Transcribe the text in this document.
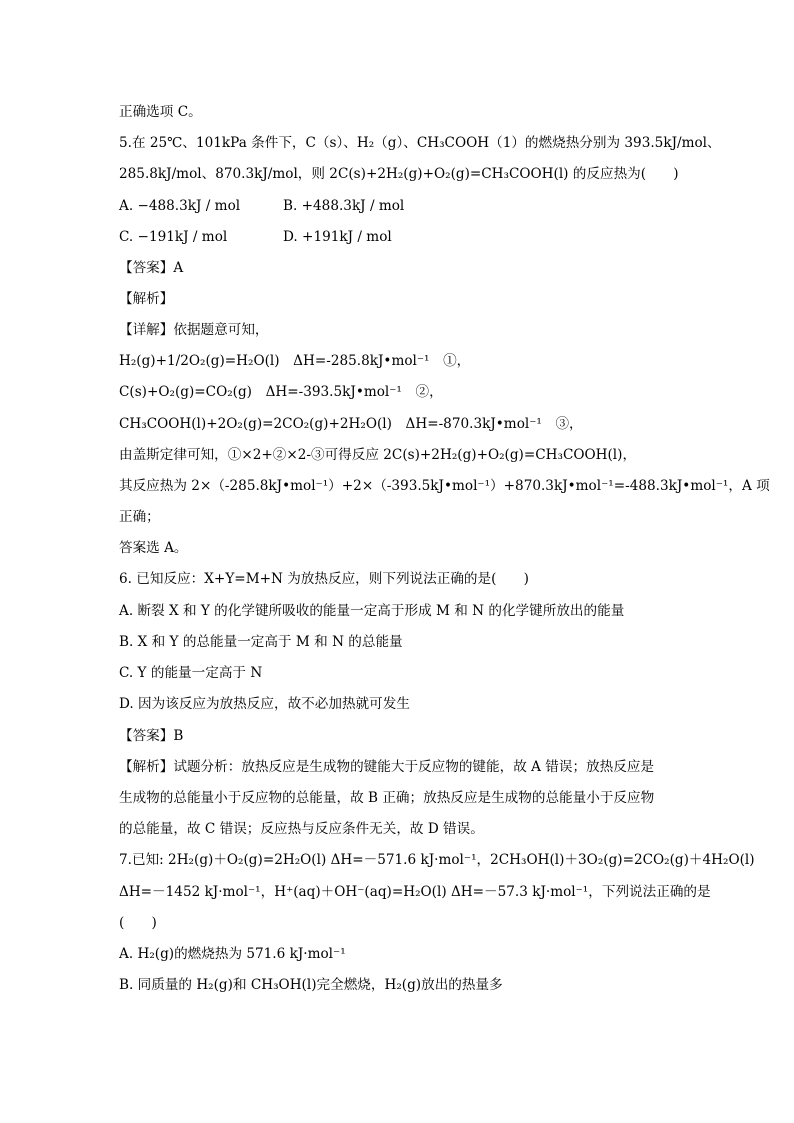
正确选项 C。
5.在 25℃、101kPa 条件下，C（s）、H₂（g）、CH₃COOH（1）的燃烧热分别为 393.5kJ/mol、
285.8kJ/mol、870.3kJ/mol，则 2C(s)+2H₂(g)+O₂(g)=CH₃COOH(l) 的反应热为(　　)
A. −488.3kJ / mol	B. +488.3kJ / mol
C. −191kJ / mol	D. +191kJ / mol
【答案】A
【解析】
【详解】依据题意可知，
H₂(g)+1/2O₂(g)=H₂O(l)　ΔH=-285.8kJ•mol⁻¹　①，
C(s)+O₂(g)=CO₂(g)　ΔH=-393.5kJ•mol⁻¹　②，
CH₃COOH(l)+2O₂(g)=2CO₂(g)+2H₂O(l)　ΔH=-870.3kJ•mol⁻¹　③，
由盖斯定律可知，①×2+②×2-③可得反应 2C(s)+2H₂(g)+O₂(g)=CH₃COOH(l)，
其反应热为 2×（-285.8kJ•mol⁻¹）+2×（-393.5kJ•mol⁻¹）+870.3kJ•mol⁻¹=-488.3kJ•mol⁻¹，A 项
正确；
答案选 A。
6. 已知反应：X+Y=M+N 为放热反应，则下列说法正确的是(　　)
A. 断裂 X 和 Y 的化学键所吸收的能量一定高于形成 M 和 N 的化学键所放出的能量
B. X 和 Y 的总能量一定高于 M 和 N 的总能量
C. Y 的能量一定高于 N
D. 因为该反应为放热反应，故不必加热就可发生
【答案】B
【解析】试题分析：放热反应是生成物的键能大于反应物的键能，故 A 错误；放热反应是
生成物的总能量小于反应物的总能量，故 B 正确；放热反应是生成物的总能量小于反应物
的总能量，故 C 错误；反应热与反应条件无关，故 D 错误。
7.已知: 2H₂(g)＋O₂(g)=2H₂O(l) ΔH=－571.6 kJ·mol⁻¹，2CH₃OH(l)＋3O₂(g)=2CO₂(g)＋4H₂O(l)
ΔH=－1452 kJ·mol⁻¹，H⁺(aq)＋OH⁻(aq)=H₂O(l) ΔH=－57.3 kJ·mol⁻¹，下列说法正确的是
(　　)
A. H₂(g)的燃烧热为 571.6 kJ·mol⁻¹
B. 同质量的 H₂(g)和 CH₃OH(l)完全燃烧，H₂(g)放出的热量多
